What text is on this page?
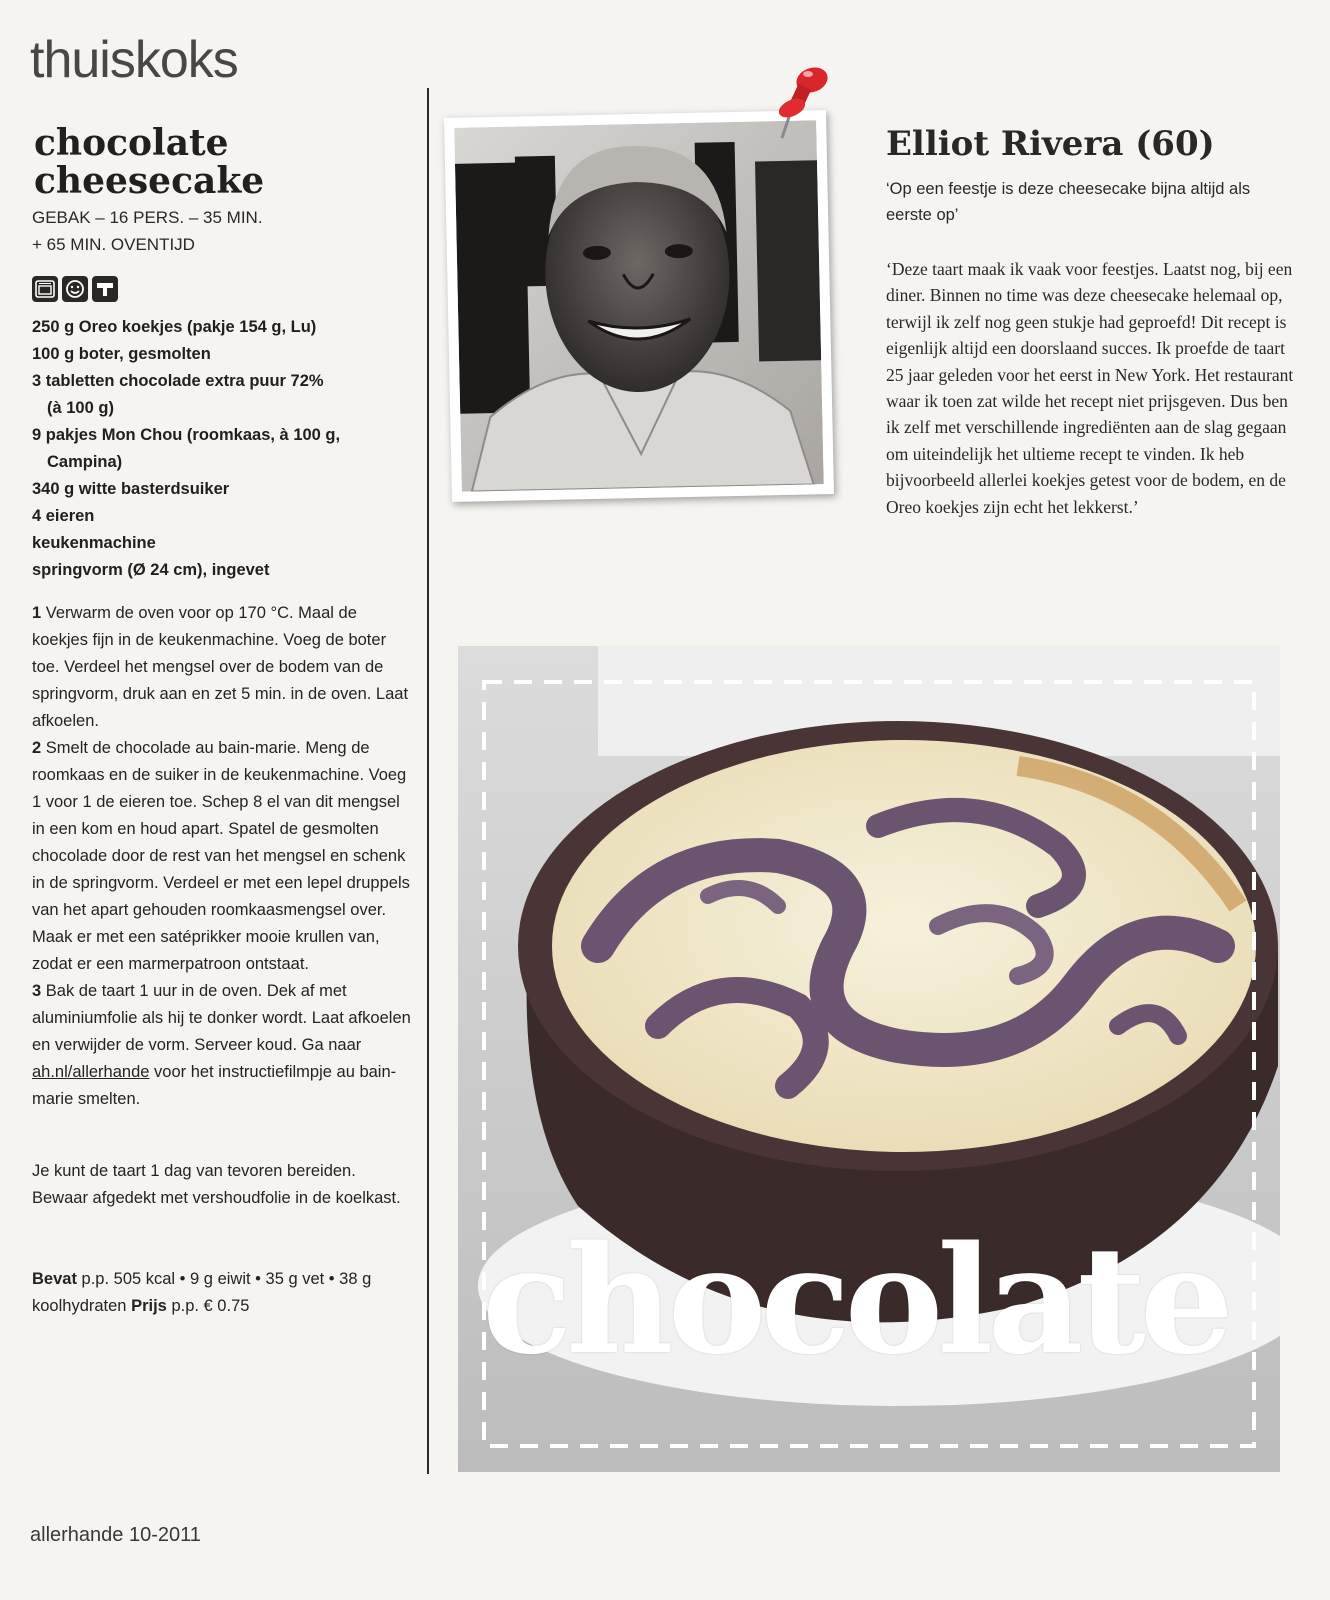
thuiskoks
chocolate
cheesecake
GEBAK – 16 PERS. – 35 MIN.
+ 65 MIN. OVENTIJD
250 g Oreo koekjes (pakje 154 g, Lu)
100 g boter, gesmolten
3 tabletten chocolade extra puur 72%
(à 100 g)
9 pakjes Mon Chou (roomkaas, à 100 g,
Campina)
340 g witte basterdsuiker
4 eieren
keukenmachine
springvorm (Ø 24 cm), ingevet

1 Verwarm de oven voor op 170 °C. Maal de koekjes fijn in de keukenmachine. Voeg de boter toe. Verdeel het mengsel over de bodem van de springvorm, druk aan en zet 5 min. in de oven. Laat afkoelen.

2 Smelt de chocolade au bain-marie. Meng de roomkaas en de suiker in de keukenmachine. Voeg 1 voor 1 de eieren toe. Schep 8 el van dit mengsel in een kom en houd apart. Spatel de gesmolten chocolade door de rest van het mengsel en schenk in de springvorm. Verdeel er met een lepel druppels van het apart gehouden roomkaasmengsel over. Maak er met een satéprikker mooie krullen van, zodat er een marmerpatroon ontstaat.

3 Bak de taart 1 uur in de oven. Dek af met aluminiumfolie als hij te donker wordt. Laat afkoelen en verwijder de vorm. Serveer koud. Ga naar ah.nl/allerhande voor het instructiefilmpje au bain-marie smelten.

Je kunt de taart 1 dag van tevoren bereiden. Bewaar afgedekt met vershoudfolie in de koelkast.

Bevat p.p. 505 kcal • 9 g eiwit • 35 g vet • 38 g koolhydraten Prijs p.p. € 0.75

Elliot Rivera (60)

‘Op een feestje is deze cheesecake bijna altijd als eerste op’

‘Deze taart maak ik vaak voor feestjes. Laatst nog, bij een diner. Binnen no time was deze cheesecake helemaal op, terwijl ik zelf nog geen stukje had geproefd! Dit recept is eigenlijk altijd een doorslaand succes. Ik proefde de taart 25 jaar geleden voor het eerst in New York. Het restaurant waar ik toen zat wilde het recept niet prijsgeven. Dus ben ik zelf met verschillende ingrediënten aan de slag gegaan om uiteindelijk het ultieme recept te vinden. Ik heb bijvoorbeeld allerlei koekjes getest voor de bodem, en de Oreo koekjes zijn echt het lekkerst.’

chocolate

allerhande 10-2011
